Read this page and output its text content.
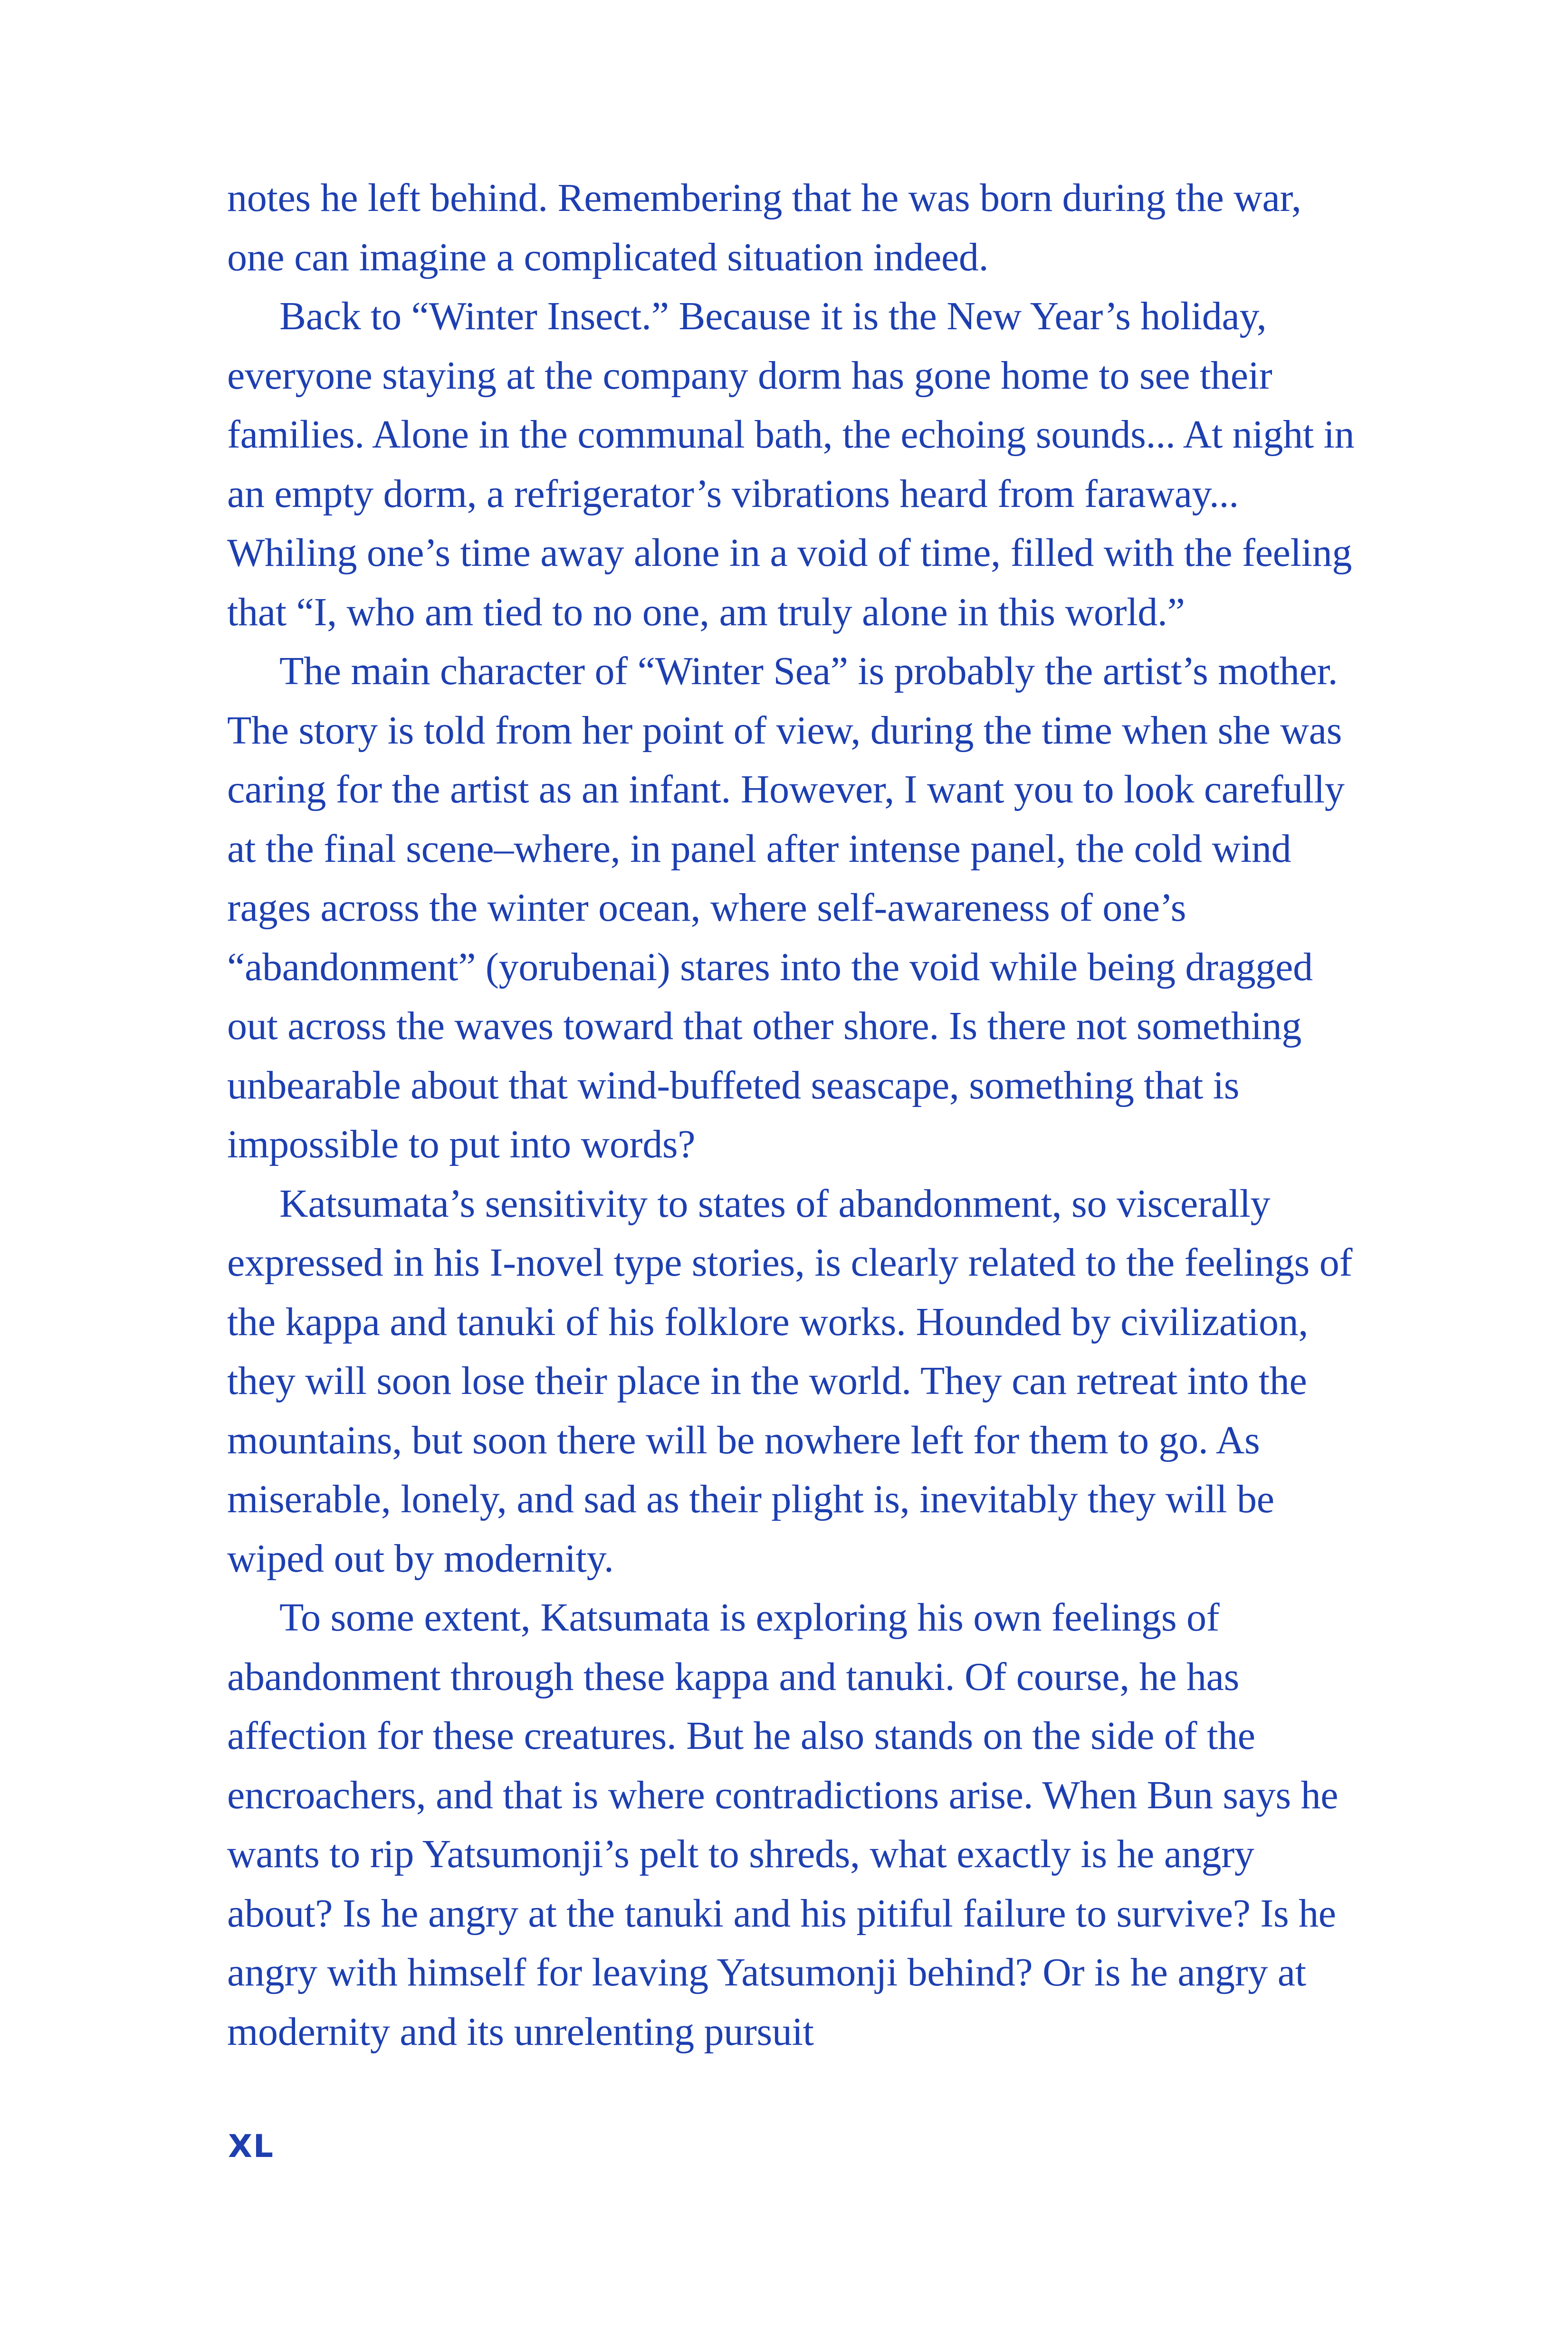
notes he left behind. Remembering that he was born during the war, one can imagine a complicated situation indeed.

Back to “Winter Insect.” Because it is the New Year’s holiday, everyone staying at the company dorm has gone home to see their families. Alone in the communal bath, the echoing sounds... At night in an empty dorm, a refrigerator’s vibrations heard from faraway... Whiling one’s time away alone in a void of time, filled with the feeling that “I, who am tied to no one, am truly alone in this world.”

The main character of “Winter Sea” is probably the artist’s mother. The story is told from her point of view, during the time when she was caring for the artist as an infant. However, I want you to look carefully at the final scene–where, in panel after intense panel, the cold wind rages across the winter ocean, where self-awareness of one’s “abandonment” (yorubenai) stares into the void while being dragged out across the waves toward that other shore. Is there not something unbearable about that wind-buffeted seascape, something that is impossible to put into words?

Katsumata’s sensitivity to states of abandonment, so viscerally expressed in his I-novel type stories, is clearly related to the feelings of the kappa and tanuki of his folklore works. Hounded by civilization, they will soon lose their place in the world. They can retreat into the mountains, but soon there will be nowhere left for them to go. As miserable, lonely, and sad as their plight is, inevitably they will be wiped out by modernity.

To some extent, Katsumata is exploring his own feelings of abandonment through these kappa and tanuki. Of course, he has affection for these creatures. But he also stands on the side of the encroachers, and that is where contradictions arise. When Bun says he wants to rip Yatsumonji’s pelt to shreds, what exactly is he angry about? Is he angry at the tanuki and his pitiful failure to survive? Is he angry with himself for leaving Yatsumonji behind? Or is he angry at modernity and its unrelenting pursuit

XL
